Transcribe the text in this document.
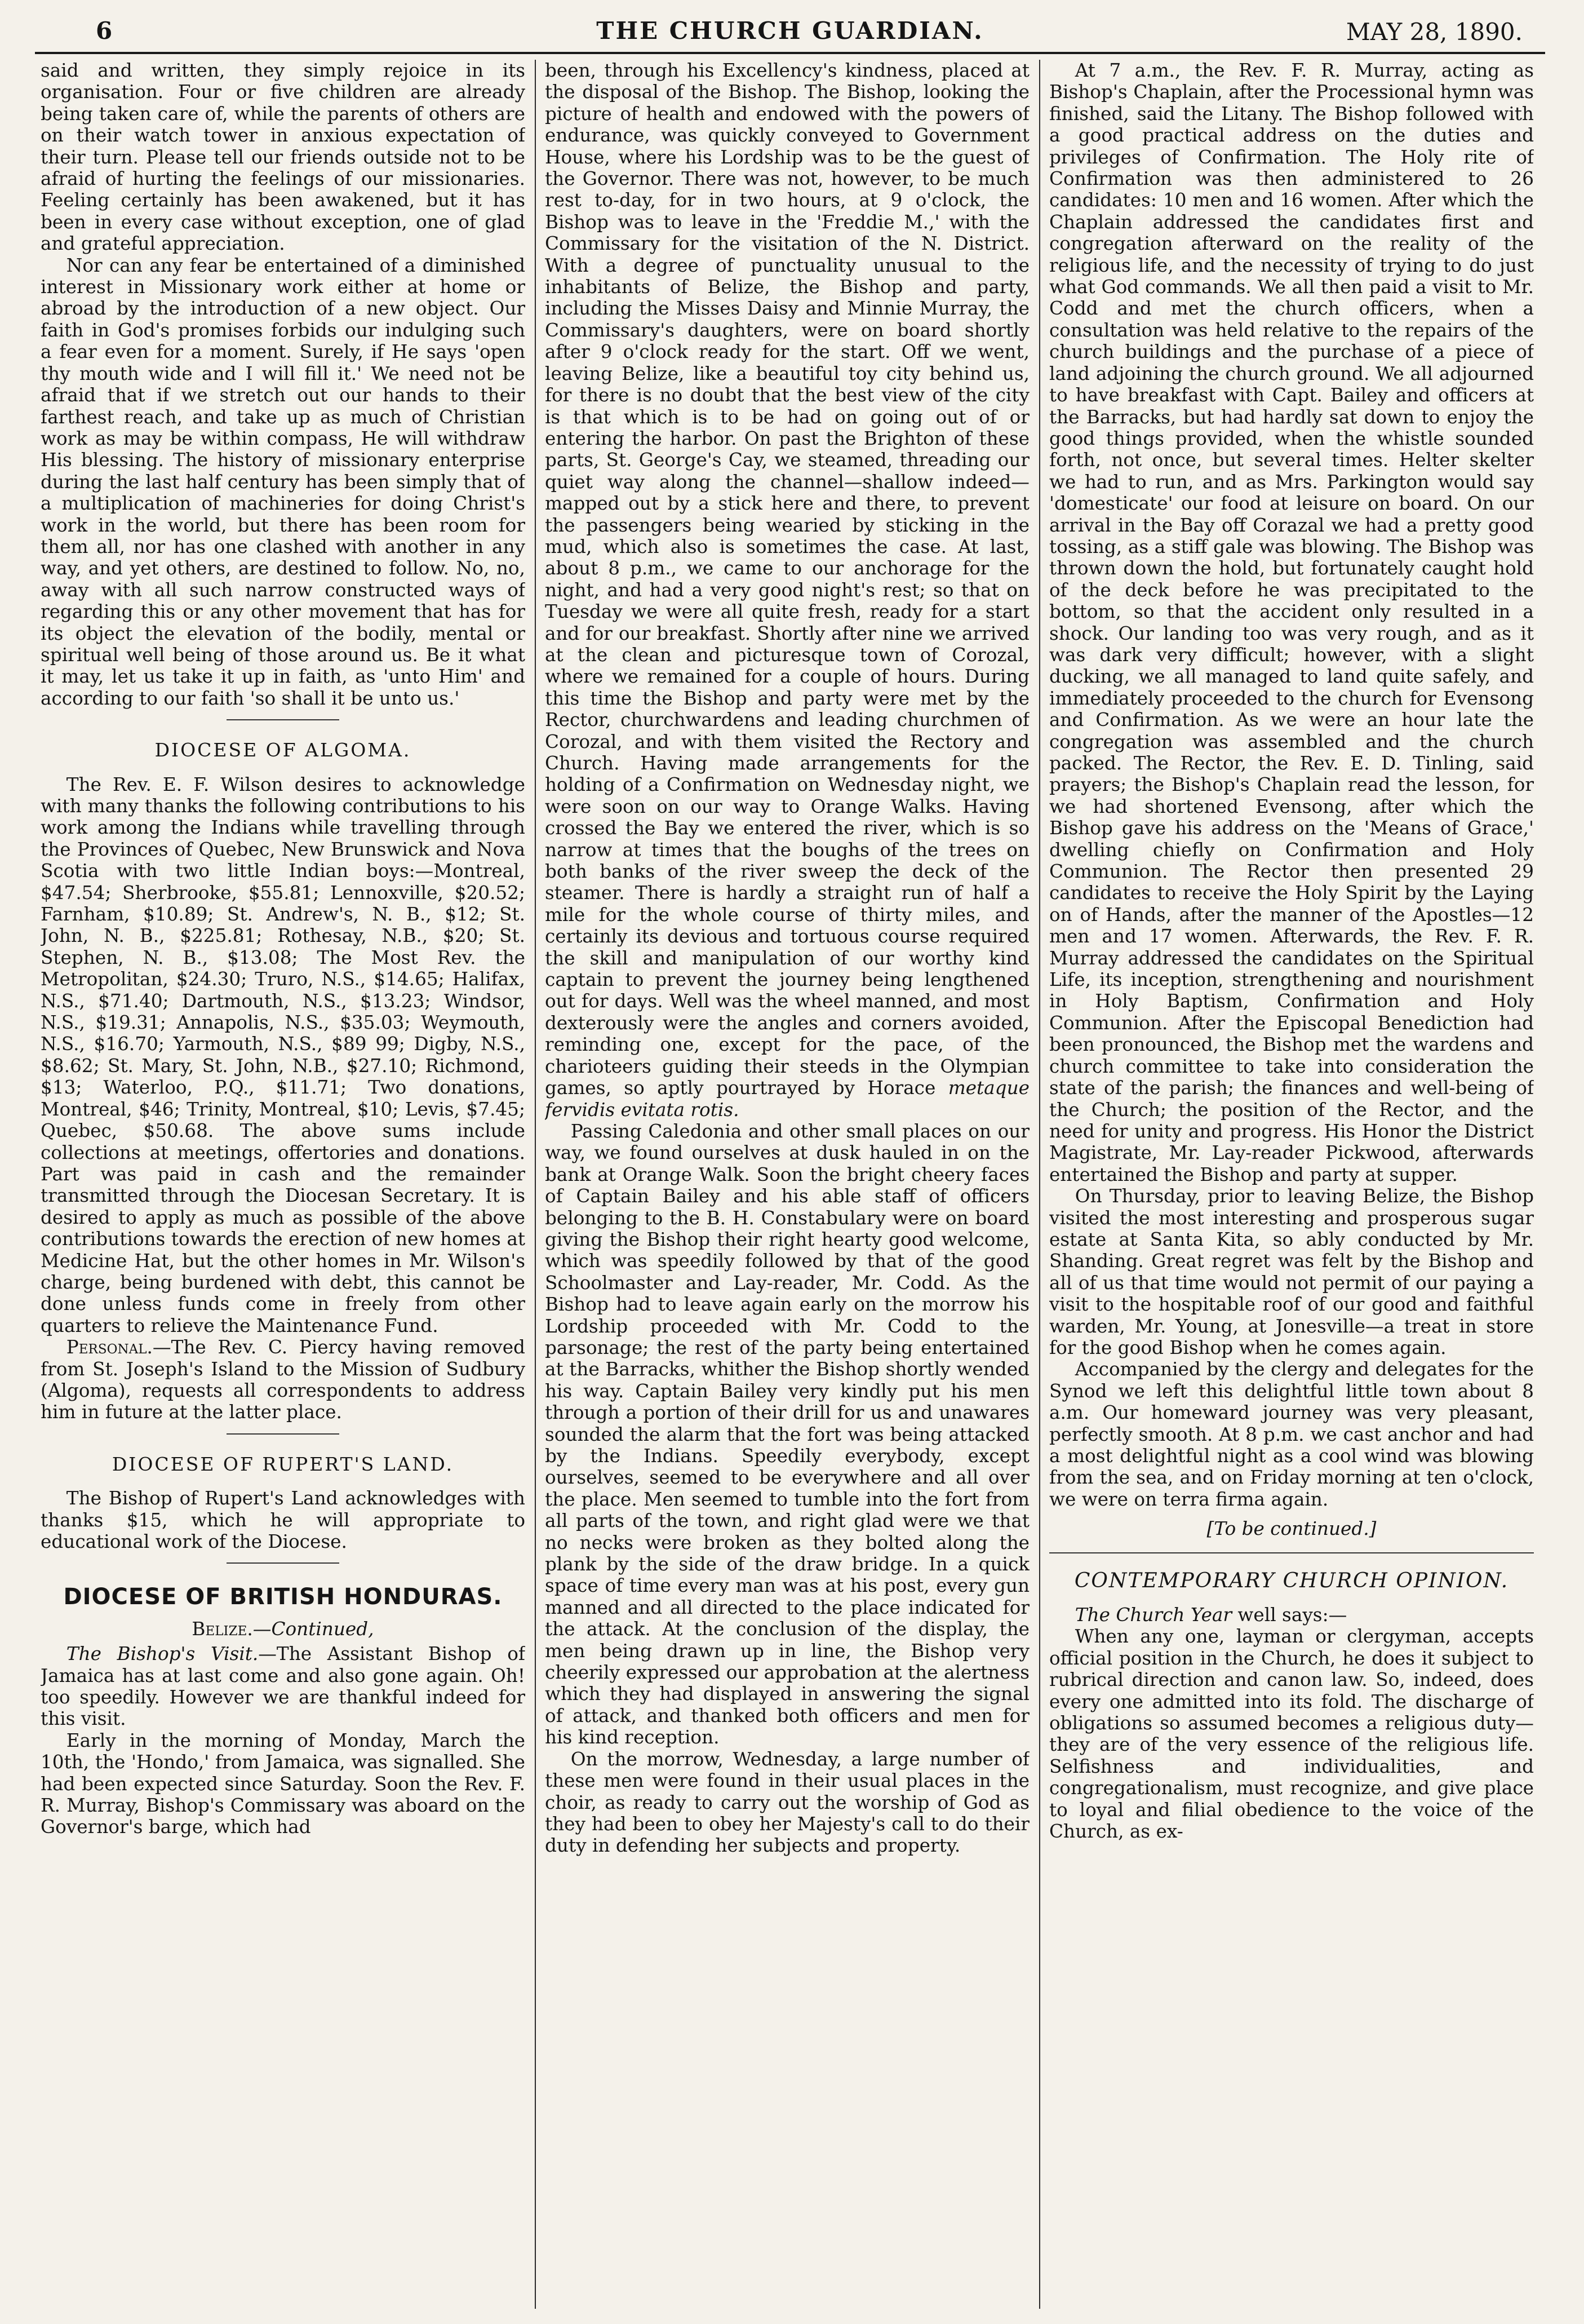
6	THE CHURCH GUARDIAN.	MAY 28, 1890.

said and written, they simply rejoice in its organisation. Four or five children are already being taken care of, while the parents of others are on their watch tower in anxious expectation of their turn. Please tell our friends outside not to be afraid of hurting the feelings of our missionaries. Feeling certainly has been awakened, but it has been in every case without exception, one of glad and grateful appreciation.

Nor can any fear be entertained of a diminished interest in Missionary work either at home or abroad by the introduction of a new object. Our faith in God's promises forbids our indulging such a fear even for a moment. Surely, if He says 'open thy mouth wide and I will fill it.' We need not be afraid that if we stretch out our hands to their farthest reach, and take up as much of Christian work as may be within compass, He will withdraw His blessing. The history of missionary enterprise during the last half century has been simply that of a multiplication of machineries for doing Christ's work in the world, but there has been room for them all, nor has one clashed with another in any way, and yet others, are destined to follow. No, no, away with all such narrow constructed ways of regarding this or any other movement that has for its object the elevation of the bodily, mental or spiritual well being of those around us. Be it what it may, let us take it up in faith, as 'unto Him' and according to our faith 'so shall it be unto us.'

DIOCESE OF ALGOMA.

The Rev. E. F. Wilson desires to acknowledge with many thanks the following contributions to his work among the Indians while travelling through the Provinces of Quebec, New Brunswick and Nova Scotia with two little Indian boys:—Montreal, $47.54; Sherbrooke, $55.81; Lennoxville, $20.52; Farnham, $10.89; St. Andrew's, N. B., $12; St. John, N. B., $225.81; Rothesay, N.B., $20; St. Stephen, N. B., $13.08; The Most Rev. the Metropolitan, $24.30; Truro, N.S., $14.65; Halifax, N.S., $71.40; Dartmouth, N.S., $13.23; Windsor, N.S., $19.31; Annapolis, N.S., $35.03; Weymouth, N.S., $16.70; Yarmouth, N.S., $89 99; Digby, N.S., $8.62; St. Mary, St. John, N.B., $27.10; Richmond, $13; Waterloo, P.Q., $11.71; Two donations, Montreal, $46; Trinity, Montreal, $10; Levis, $7.45; Quebec, $50.68. The above sums include collections at meetings, offertories and donations. Part was paid in cash and the remainder transmitted through the Diocesan Secretary. It is desired to apply as much as possible of the above contributions towards the erection of new homes at Medicine Hat, but the other homes in Mr. Wilson's charge, being burdened with debt, this cannot be done unless funds come in freely from other quarters to relieve the Maintenance Fund.

Personal.—The Rev. C. Piercy having removed from St. Joseph's Island to the Mission of Sudbury (Algoma), requests all correspondents to address him in future at the latter place.

DIOCESE OF RUPERT'S LAND.

The Bishop of Rupert's Land acknowledges with thanks $15, which he will appropriate to educational work of the Diocese.

DIOCESE OF BRITISH HONDURAS.

Belize.—Continued,

The Bishop's Visit.—The Assistant Bishop of Jamaica has at last come and also gone again. Oh! too speedily. However we are thankful indeed for this visit.

Early in the morning of Monday, March the 10th, the 'Hondo,' from Jamaica, was signalled. She had been expected since Saturday. Soon the Rev. F. R. Murray, Bishop's Commissary was aboard on the Governor's barge, which had

been, through his Excellency's kindness, placed at the disposal of the Bishop. The Bishop, looking the picture of health and endowed with the powers of endurance, was quickly conveyed to Government House, where his Lordship was to be the guest of the Governor. There was not, however, to be much rest to-day, for in two hours, at 9 o'clock, the Bishop was to leave in the 'Freddie M.,' with the Commissary for the visitation of the N. District. With a degree of punctuality unusual to the inhabitants of Belize, the Bishop and party, including the Misses Daisy and Minnie Murray, the Commissary's daughters, were on board shortly after 9 o'clock ready for the start. Off we went, leaving Belize, like a beautiful toy city behind us, for there is no doubt that the best view of the city is that which is to be had on going out of or entering the harbor. On past the Brighton of these parts, St. George's Cay, we steamed, threading our quiet way along the channel—shallow indeed—mapped out by a stick here and there, to prevent the passengers being wearied by sticking in the mud, which also is sometimes the case. At last, about 8 p.m., we came to our anchorage for the night, and had a very good night's rest; so that on Tuesday we were all quite fresh, ready for a start and for our breakfast. Shortly after nine we arrived at the clean and picturesque town of Corozal, where we remained for a couple of hours. During this time the Bishop and party were met by the Rector, churchwardens and leading churchmen of Corozal, and with them visited the Rectory and Church. Having made arrangements for the holding of a Confirmation on Wednesday night, we were soon on our way to Orange Walks. Having crossed the Bay we entered the river, which is so narrow at times that the boughs of the trees on both banks of the river sweep the deck of the steamer. There is hardly a straight run of half a mile for the whole course of thirty miles, and certainly its devious and tortuous course required the skill and manipulation of our worthy kind captain to prevent the journey being lengthened out for days. Well was the wheel manned, and most dexterously were the angles and corners avoided, reminding one, except for the pace, of the charioteers guiding their steeds in the Olympian games, so aptly pourtrayed by Horace metaque fervidis evitata rotis.

Passing Caledonia and other small places on our way, we found ourselves at dusk hauled in on the bank at Orange Walk. Soon the bright cheery faces of Captain Bailey and his able staff of officers belonging to the B. H. Constabulary were on board giving the Bishop their right hearty good welcome, which was speedily followed by that of the good Schoolmaster and Lay-reader, Mr. Codd. As the Bishop had to leave again early on the morrow his Lordship proceeded with Mr. Codd to the parsonage; the rest of the party being entertained at the Barracks, whither the Bishop shortly wended his way. Captain Bailey very kindly put his men through a portion of their drill for us and unawares sounded the alarm that the fort was being attacked by the Indians. Speedily everybody, except ourselves, seemed to be everywhere and all over the place. Men seemed to tumble into the fort from all parts of the town, and right glad were we that no necks were broken as they bolted along the plank by the side of the draw bridge. In a quick space of time every man was at his post, every gun manned and all directed to the place indicated for the attack. At the conclusion of the display, the men being drawn up in line, the Bishop very cheerily expressed our approbation at the alertness which they had displayed in answering the signal of attack, and thanked both officers and men for his kind reception.

On the morrow, Wednesday, a large number of these men were found in their usual places in the choir, as ready to carry out the worship of God as they had been to obey her Majesty's call to do their duty in defending her subjects and property.

At 7 a.m., the Rev. F. R. Murray, acting as Bishop's Chaplain, after the Processional hymn was finished, said the Litany. The Bishop followed with a good practical address on the duties and privileges of Confirmation. The Holy rite of Confirmation was then administered to 26 candidates: 10 men and 16 women. After which the Chaplain addressed the candidates first and congregation afterward on the reality of the religious life, and the necessity of trying to do just what God commands. We all then paid a visit to Mr. Codd and met the church officers, when a consultation was held relative to the repairs of the church buildings and the purchase of a piece of land adjoining the church ground. We all adjourned to have breakfast with Capt. Bailey and officers at the Barracks, but had hardly sat down to enjoy the good things provided, when the whistle sounded forth, not once, but several times. Helter skelter we had to run, and as Mrs. Parkington would say 'domesticate' our food at leisure on board. On our arrival in the Bay off Corazal we had a pretty good tossing, as a stiff gale was blowing. The Bishop was thrown down the hold, but fortunately caught hold of the deck before he was precipitated to the bottom, so that the accident only resulted in a shock. Our landing too was very rough, and as it was dark very difficult; however, with a slight ducking, we all managed to land quite safely, and immediately proceeded to the church for Evensong and Confirmation. As we were an hour late the congregation was assembled and the church packed. The Rector, the Rev. E. D. Tinling, said prayers; the Bishop's Chaplain read the lesson, for we had shortened Evensong, after which the Bishop gave his address on the 'Means of Grace,' dwelling chiefly on Confirmation and Holy Communion. The Rector then presented 29 candidates to receive the Holy Spirit by the Laying on of Hands, after the manner of the Apostles—12 men and 17 women. Afterwards, the Rev. F. R. Murray addressed the candidates on the Spiritual Life, its inception, strengthening and nourishment in Holy Baptism, Confirmation and Holy Communion. After the Episcopal Benediction had been pronounced, the Bishop met the wardens and church committee to take into consideration the state of the parish; the finances and well-being of the Church; the position of the Rector, and the need for unity and progress. His Honor the District Magistrate, Mr. Lay-reader Pickwood, afterwards entertained the Bishop and party at supper.

On Thursday, prior to leaving Belize, the Bishop visited the most interesting and prosperous sugar estate at Santa Kita, so ably conducted by Mr. Shanding. Great regret was felt by the Bishop and all of us that time would not permit of our paying a visit to the hospitable roof of our good and faithful warden, Mr. Young, at Jonesville—a treat in store for the good Bishop when he comes again.

Accompanied by the clergy and delegates for the Synod we left this delightful little town about 8 a.m. Our homeward journey was very pleasant, perfectly smooth. At 8 p.m. we cast anchor and had a most delightful night as a cool wind was blowing from the sea, and on Friday morning at ten o'clock, we were on terra firma again.

[To be continued.]

CONTEMPORARY CHURCH OPINION.

The Church Year well says:—

When any one, layman or clergyman, accepts official position in the Church, he does it subject to rubrical direction and canon law. So, indeed, does every one admitted into its fold. The discharge of obligations so assumed becomes a religious duty—they are of the very essence of the religious life. Selfishness and individualities, and congregationalism, must recognize, and give place to loyal and filial obedience to the voice of the Church, as ex-
